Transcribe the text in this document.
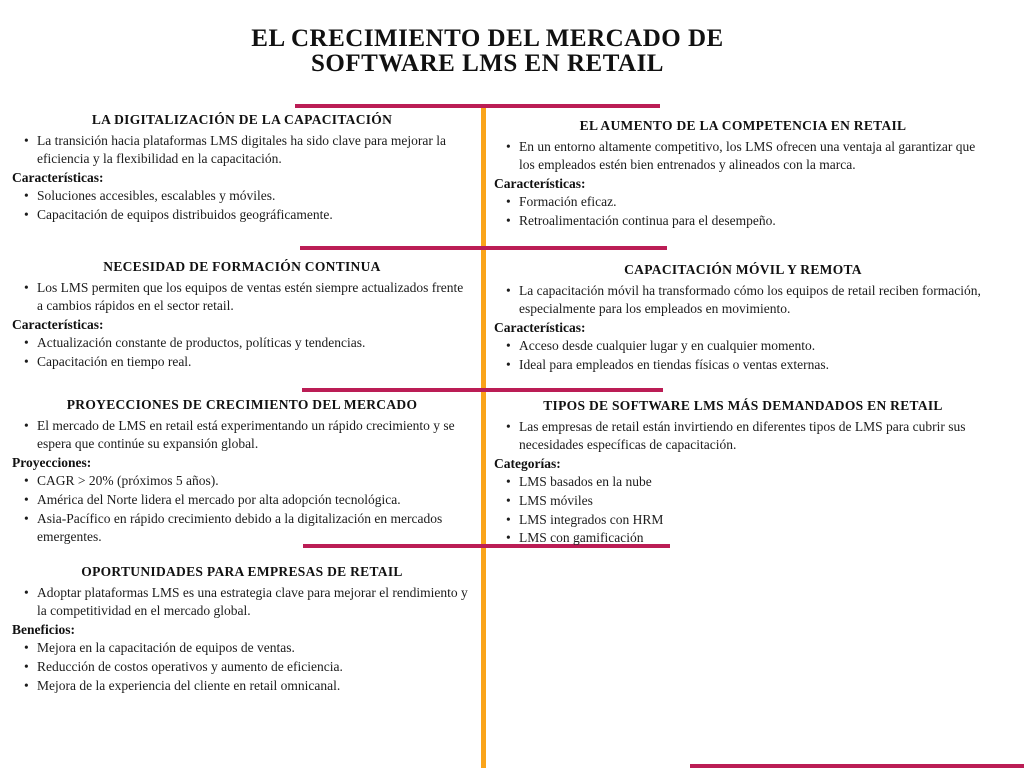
EL CRECIMIENTO DEL MERCADO DE
SOFTWARE LMS EN RETAIL
LA DIGITALIZACIÓN DE LA CAPACITACIÓN
• La transición hacia plataformas LMS digitales ha sido clave para mejorar la eficiencia y la flexibilidad en la capacitación.

Características:

• Soluciones accesibles, escalables y móviles.
• Capacitación de equipos distribuidos geográficamente.
NECESIDAD DE FORMACIÓN CONTINUA
• Los LMS permiten que los equipos de ventas estén siempre actualizados frente a cambios rápidos en el sector retail.

Características:

• Actualización constante de productos, políticas y tendencias.
• Capacitación en tiempo real.
PROYECCIONES DE CRECIMIENTO DEL MERCADO
• El mercado de LMS en retail está experimentando un rápido crecimiento y se espera que continúe su expansión global.

Proyecciones:

• CAGR > 20% (próximos 5 años).
• América del Norte lidera el mercado por alta adopción tecnológica.
• Asia-Pacífico en rápido crecimiento debido a la digitalización en mercados emergentes.
OPORTUNIDADES PARA EMPRESAS DE RETAIL
• Adoptar plataformas LMS es una estrategia clave para mejorar el rendimiento y la competitividad en el mercado global.

Beneficios:

• Mejora en la capacitación de equipos de ventas.
• Reducción de costos operativos y aumento de eficiencia.
• Mejora de la experiencia del cliente en retail omnicanal.
EL AUMENTO DE LA COMPETENCIA EN RETAIL
• En un entorno altamente competitivo, los LMS ofrecen una ventaja al garantizar que los empleados estén bien entrenados y alineados con la marca.

Características:

• Formación eficaz.
• Retroalimentación continua para el desempeño.
CAPACITACIÓN MÓVIL Y REMOTA
• La capacitación móvil ha transformado cómo los equipos de retail reciben formación, especialmente para los empleados en movimiento.

Características:

• Acceso desde cualquier lugar y en cualquier momento.
• Ideal para empleados en tiendas físicas o ventas externas.
TIPOS DE SOFTWARE LMS MÁS DEMANDADOS EN RETAIL
• Las empresas de retail están invirtiendo en diferentes tipos de LMS para cubrir sus necesidades específicas de capacitación.

Categorías:

• LMS basados en la nube
• LMS móviles
• LMS integrados con HRM
• LMS con gamificación
